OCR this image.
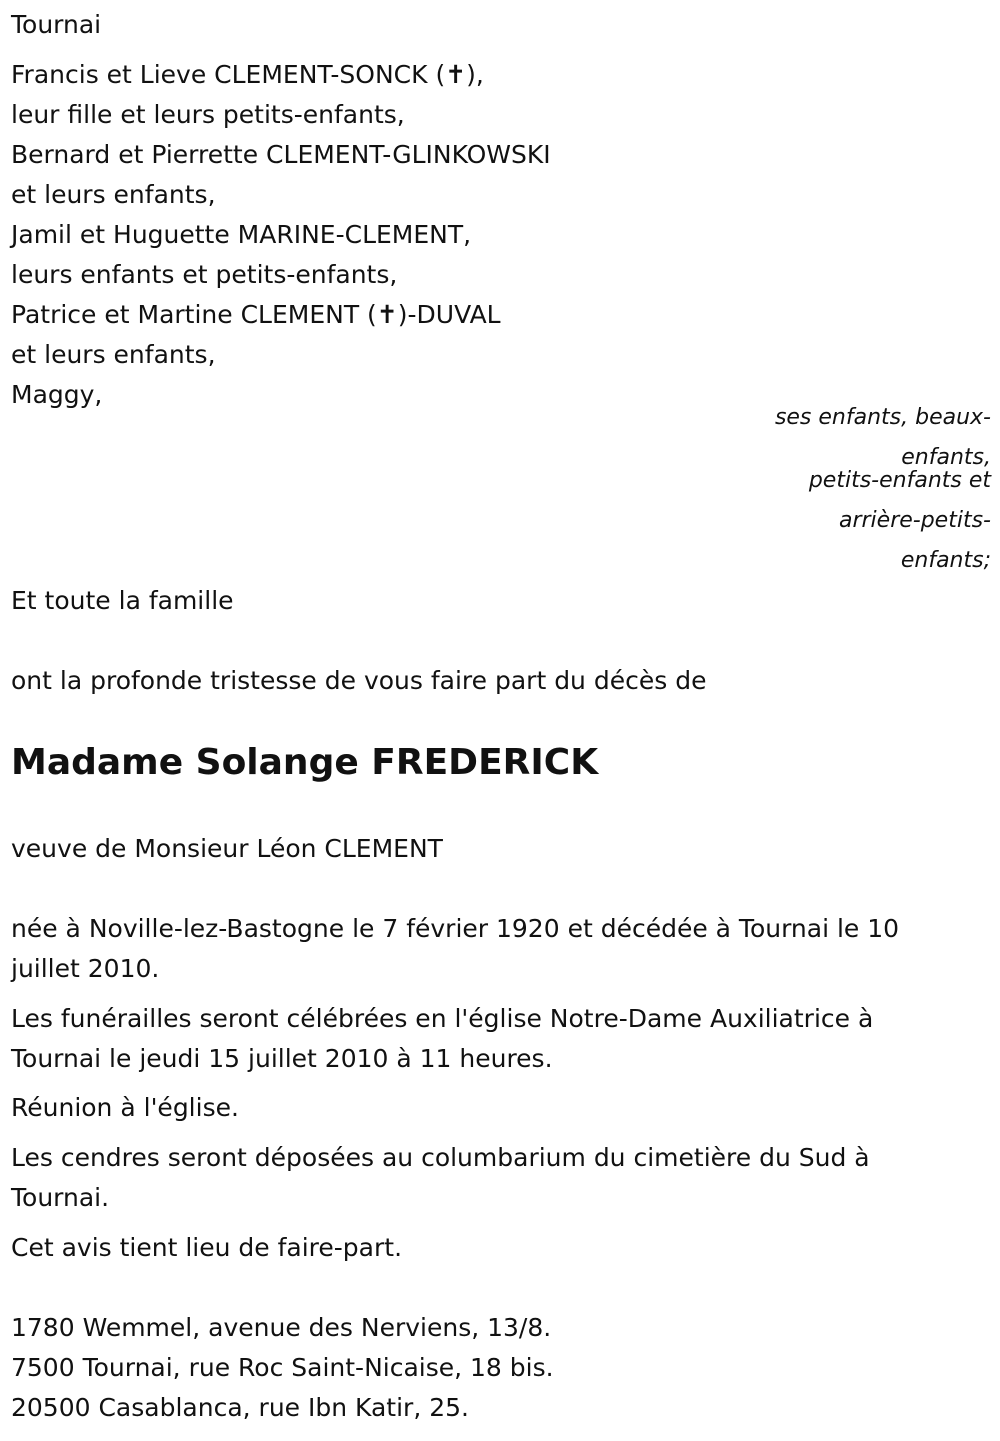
Tournai
Francis et Lieve CLEMENT-SONCK (✝),
leur fille et leurs petits-enfants,
Bernard et Pierrette CLEMENT-GLINKOWSKI
et leurs enfants,
Jamil et Huguette MARINE-CLEMENT,
leurs enfants et petits-enfants,
Patrice et Martine CLEMENT (✝)-DUVAL
et leurs enfants,
Maggy,
ses enfants, beaux-
enfants,
petits-enfants et
arrière-petits-
enfants;
Et toute la famille
ont la profonde tristesse de vous faire part du décès de
Madame Solange FREDERICK
veuve de Monsieur Léon CLEMENT
née à Noville-lez-Bastogne le 7 février 1920 et décédée à Tournai le 10 juillet 2010.
Les funérailles seront célébrées en l'église Notre-Dame Auxiliatrice à Tournai le jeudi 15 juillet 2010 à 11 heures.
Réunion à l'église.
Les cendres seront déposées au columbarium du cimetière du Sud à Tournai.
Cet avis tient lieu de faire-part.
1780 Wemmel, avenue des Nerviens, 13/8.
7500 Tournai, rue Roc Saint-Nicaise, 18 bis.
20500 Casablanca, rue Ibn Katir, 25.
